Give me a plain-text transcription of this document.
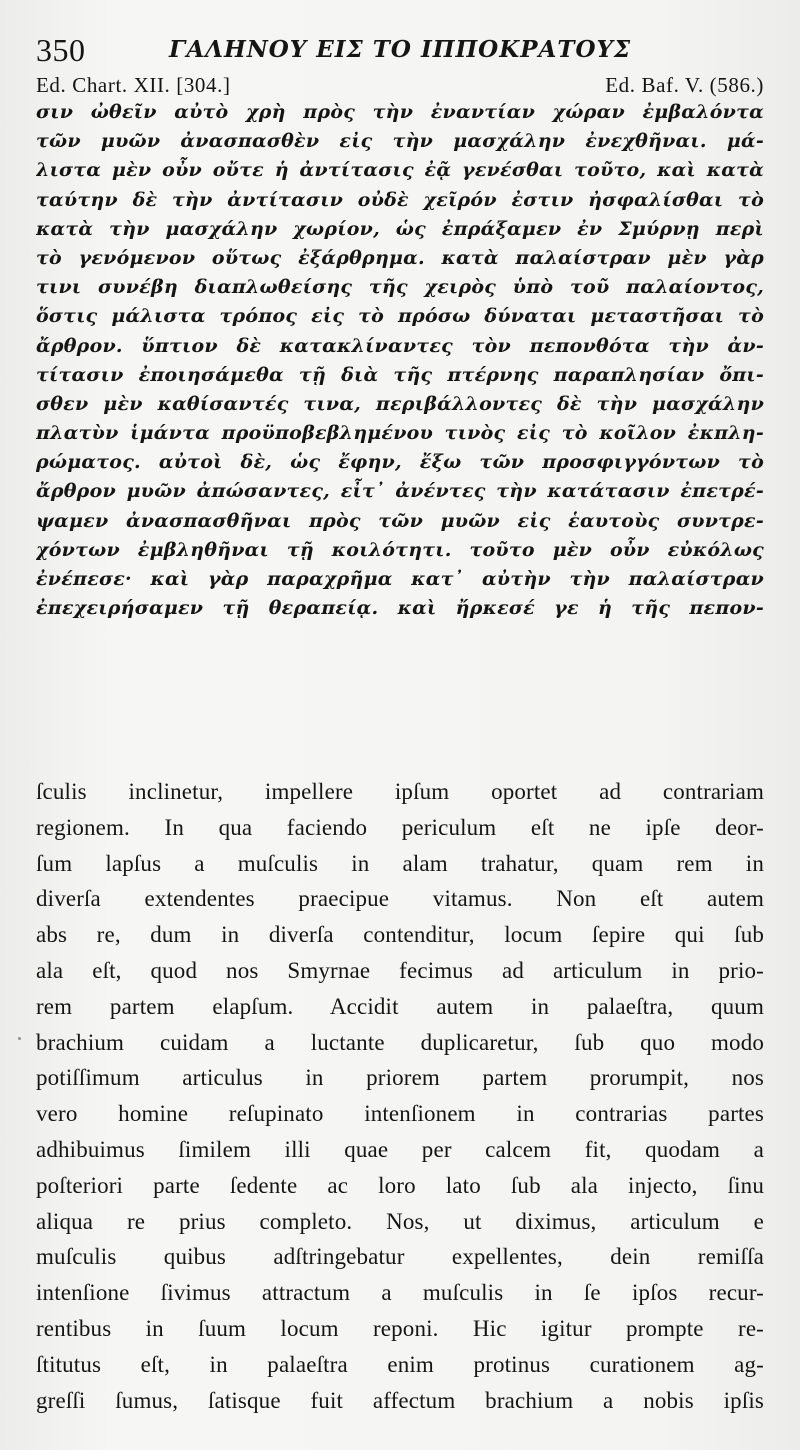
350	ΓΑΛΗΝΟΥ ΕΙΣ ΤΟ ΙΠΠΟΚΡΑΤΟΥΣ
Ed. Chart. XII. [304.]	Ed. Baf. V. (586.)
σιν ὠθεῖν αὐτὸ χρὴ πρὸς τὴν ἐναντίαν χώραν ἐμβαλόντα
τῶν μυῶν ἀνασπασθὲν εἰς τὴν μασχάλην ἐνεχθῆναι. μά-
λιστα μὲν οὖν οὔτε ἡ ἀντίτασις ἐᾷ γενέσθαι τοῦτο, καὶ κατὰ
ταύτην δὲ τὴν ἀντίτασιν οὐδὲ χεῖρόν ἐστιν ἠσφαλίσθαι τὸ
κατὰ τὴν μασχάλην χωρίον, ὡς ἐπράξαμεν ἐν Σμύρνῃ περὶ
τὸ γενόμενον οὕτως ἐξάρθρημα. κατὰ παλαίστραν μὲν γὰρ
τινι συνέβη διαπλωθείσης τῆς χειρὸς ὑπὸ τοῦ παλαίοντος,
ὅστις μάλιστα τρόπος εἰς τὸ πρόσω δύναται μεταστῆσαι τὸ
ἄρθρον. ὕπτιον δὲ κατακλίναντες τὸν πεπονθότα τὴν ἀν-
τίτασιν ἐποιησάμεθα τῇ διὰ τῆς πτέρνης παραπλησίαν ὄπι-
σθεν μὲν καθίσαντές τινα, περιβάλλοντες δὲ τὴν μασχάλην
πλατὺν ἱμάντα προϋποβεβλημένου τινὸς εἰς τὸ κοῖλον ἐκπλη-
ρώματος. αὐτοὶ δὲ, ὡς ἔφην, ἔξω τῶν προσφιγγόντων τὸ
ἄρθρον μυῶν ἀπώσαντες, εἶτ᾽ ἀνέντες τὴν κατάτασιν ἐπετρέ-
ψαμεν ἀνασπασθῆναι πρὸς τῶν μυῶν εἰς ἑαυτοὺς συντρε-
χόντων ἐμβληθῆναι τῇ κοιλότητι. τοῦτο μὲν οὖν εὐκόλως
ἐνέπεσε· καὶ γὰρ παραχρῆμα κατ᾽ αὐτὴν τὴν παλαίστραν
ἐπεχειρήσαμεν τῇ θεραπείᾳ. καὶ ἤρκεσέ γε ἡ τῆς πεπον-
ſculis inclinetur, impellere ipſum oportet ad contrariam
regionem. In qua faciendo periculum eſt ne ipſe deor-
ſum lapſus a muſculis in alam trahatur, quam rem in
diverſa extendentes praecipue vitamus. Non eſt autem
abs re, dum in diverſa contenditur, locum ſepire qui ſub
ala eſt, quod nos Smyrnae fecimus ad articulum in prio-
rem partem elapſum. Accidit autem in palaeſtra, quum
brachium cuidam a luctante duplicaretur, ſub quo modo
potiſſimum articulus in priorem partem prorumpit, nos
vero homine reſupinato intenſionem in contrarias partes
adhibuimus ſimilem illi quae per calcem fit, quodam a
poſteriori parte ſedente ac loro lato ſub ala injecto, ſinu
aliqua re prius completo. Nos, ut diximus, articulum e
muſculis quibus adſtringebatur expellentes, dein remiſſa
intenſione ſivimus attractum a muſculis in ſe ipſos recur-
rentibus in ſuum locum reponi. Hic igitur prompte re-
ſtitutus eſt, in palaeſtra enim protinus curationem ag-
greſſi ſumus, ſatisque fuit affectum brachium a nobis ipſis
